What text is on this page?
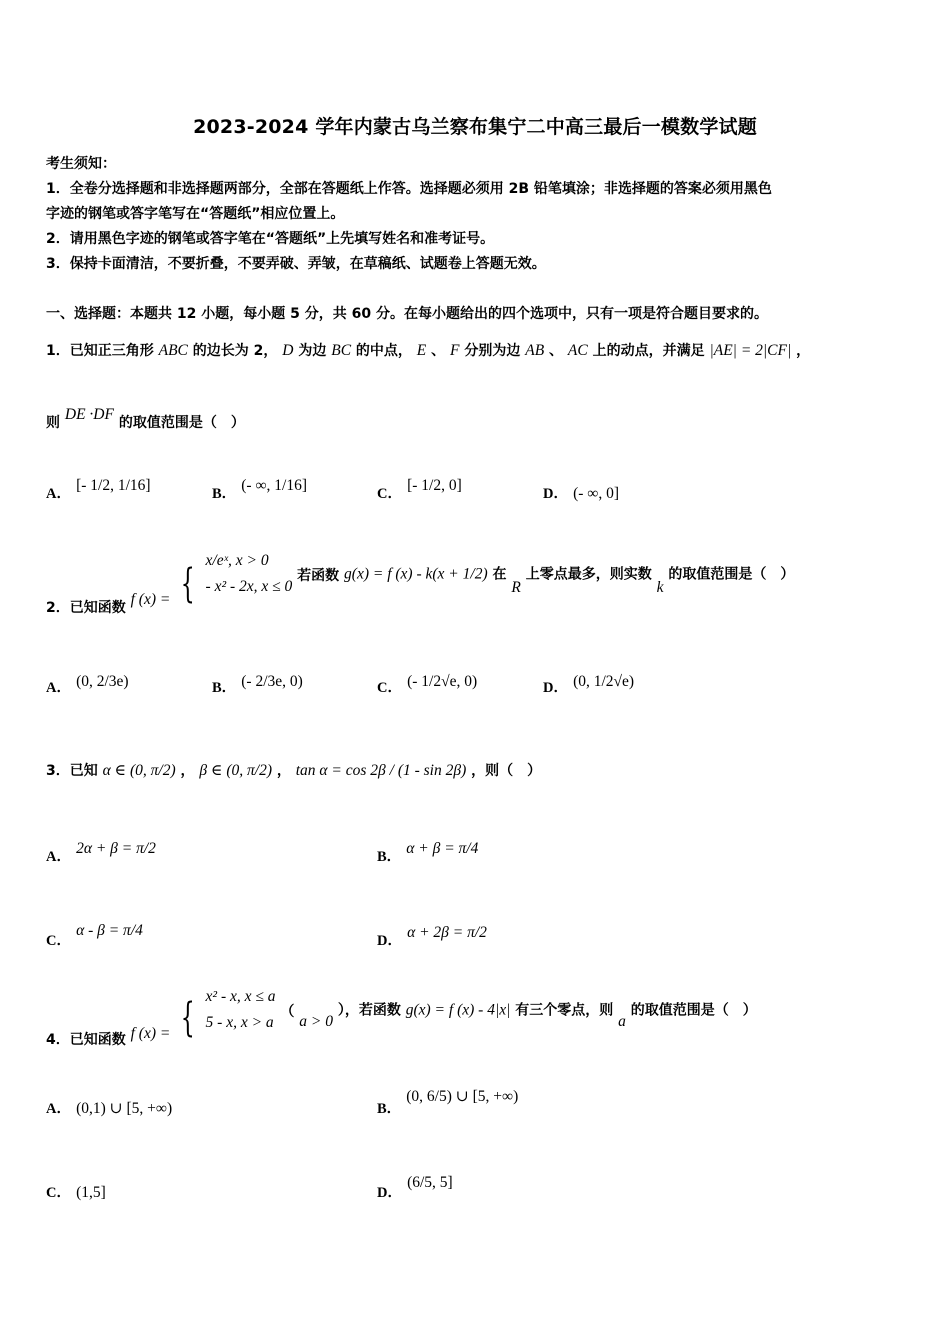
2023-2024 学年内蒙古乌兰察布集宁二中高三最后一模数学试题
考生须知：
1．全卷分选择题和非选择题两部分，全部在答题纸上作答。选择题必须用 2B 铅笔填涂；非选择题的答案必须用黑色
字迹的钢笔或答字笔写在“答题纸”相应位置上。
2．请用黑色字迹的钢笔或答字笔在“答题纸”上先填写姓名和准考证号。
3．保持卡面清洁，不要折叠，不要弄破、弄皱，在草稿纸、试题卷上答题无效。
一、选择题：本题共 12 小题，每小题 5 分，共 60 分。在每小题给出的四个选项中，只有一项是符合题目要求的。
1．已知正三角形 ABC 的边长为 2， D 为边 BC 的中点， E 、 F 分别为边 AB 、 AC 上的动点，并满足 |AE| = 2|CF| ，
则 DE ·DF 的取值范围是（　）
A． [- 1/2, 1/16]	B． (- ∞, 1/16]	C． [- 1/2, 0]	D． (- ∞, 0]
2．已知函数 f (x) = {
x/eˣ, x > 0
- x² - 2x, x ≤ 0
若函数 g(x) = f (x) - k(x + 1/2) 在 R 上零点最多，则实数 k 的取值范围是（　）
A． (0, 2/3e)	B． (- 2/3e, 0)	C． (- 1/2√e, 0)	D． (0, 1/2√e)
3．已知 α ∈ (0, π/2) ， β ∈ (0, π/2) ， tan α = cos 2β / (1 - sin 2β) ，则（　）
A． 2α + β = π/2	B． α + β = π/4
C． α - β = π/4
D． α + 2β = π/2
4．已知函数 f (x) = { x² - x, x ≤ a
5 - x, x > a
（ a > 0 ），若函数 g(x) = f (x) - 4|x| 有三个零点，则 a 的取值范围是（　）
A． (0,1) ∪ [5, +∞)	B． (0, 6/5) ∪ [5, +∞)
C． (1,5]	D． (6/5, 5]
